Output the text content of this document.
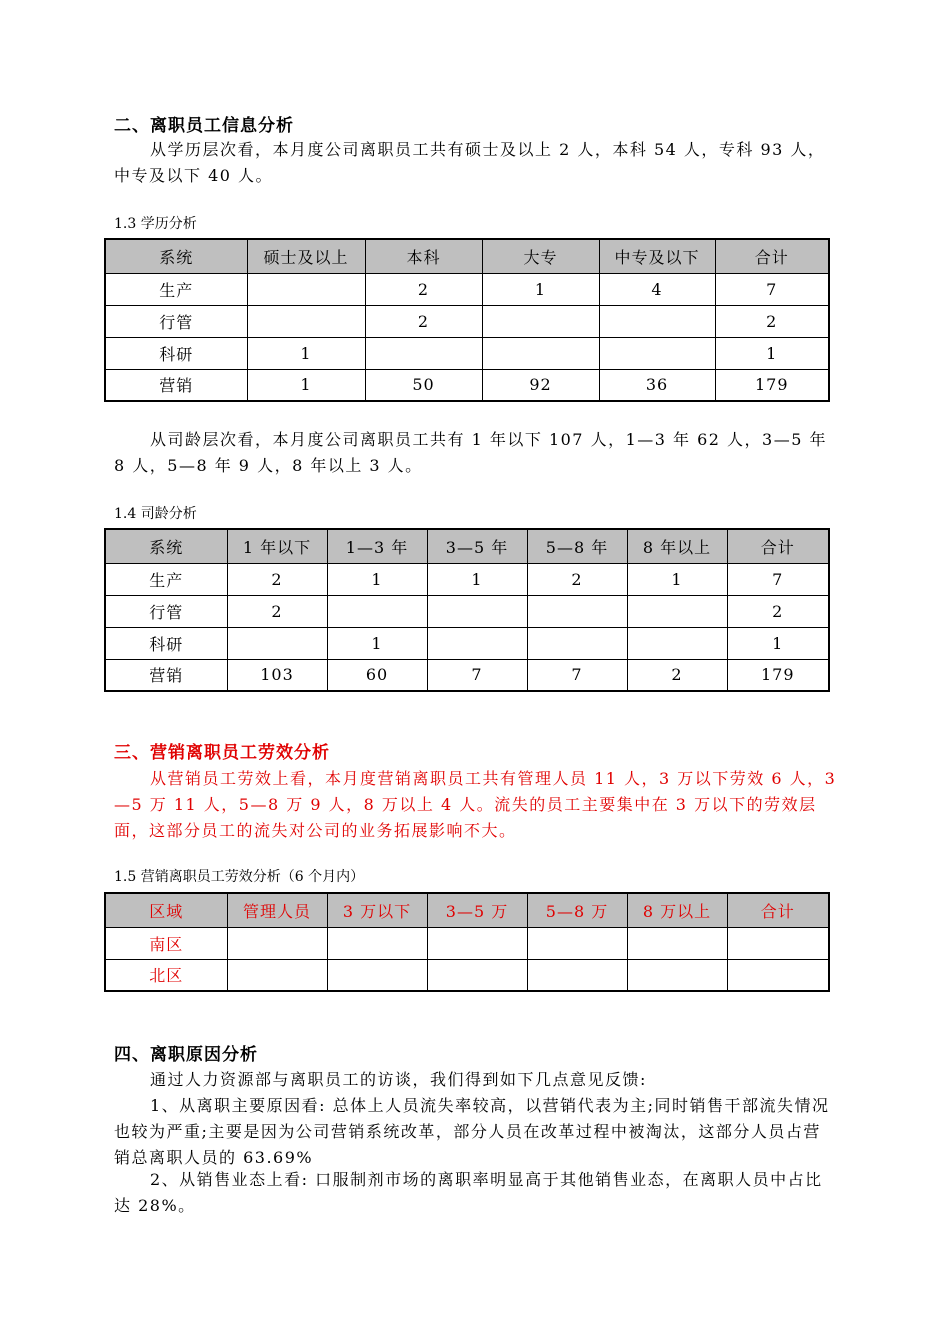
二、离职员工信息分析
从学历层次看，本月度公司离职员工共有硕士及以上 2 人，本科 54 人，专科 93 人，中专及以下 40 人。
1.3 学历分析
系统	硕士及以上	本科	大专	中专及以下	合计
生产		2	1	4	7
行管		2			2
科研	1				1
营销	1	50	92	36	179
从司龄层次看，本月度公司离职员工共有 1 年以下 107 人，1—3 年 62 人，3—5 年 8 人，5—8 年 9 人，8 年以上 3 人。
1.4 司龄分析
系统	1 年以下	1—3 年	3—5 年	5—8 年	8 年以上	合计
生产	2	1	1	2	1	7
行管	2					2
科研		1				1
营销	103	60	7	7	2	179
三、营销离职员工劳效分析
从营销员工劳效上看，本月度营销离职员工共有管理人员 11 人，3 万以下劳效 6 人，3—5 万 11 人，5—8 万 9 人，8 万以上 4 人。流失的员工主要集中在 3 万以下的劳效层面，这部分员工的流失对公司的业务拓展影响不大。
1.5 营销离职员工劳效分析（6 个月内）
区域	管理人员	3 万以下	3—5 万	5—8 万	8 万以上	合计
南区						
北区						
四、离职原因分析
通过人力资源部与离职员工的访谈，我们得到如下几点意见反馈:
1、从离职主要原因看: 总体上人员流失率较高，以营销代表为主;同时销售干部流失情况也较为严重;主要是因为公司营销系统改革，部分人员在改革过程中被淘汰，这部分人员占营销总离职人员的 63.69%
2、从销售业态上看: 口服制剂市场的离职率明显高于其他销售业态，在离职人员中占比达 28%。
